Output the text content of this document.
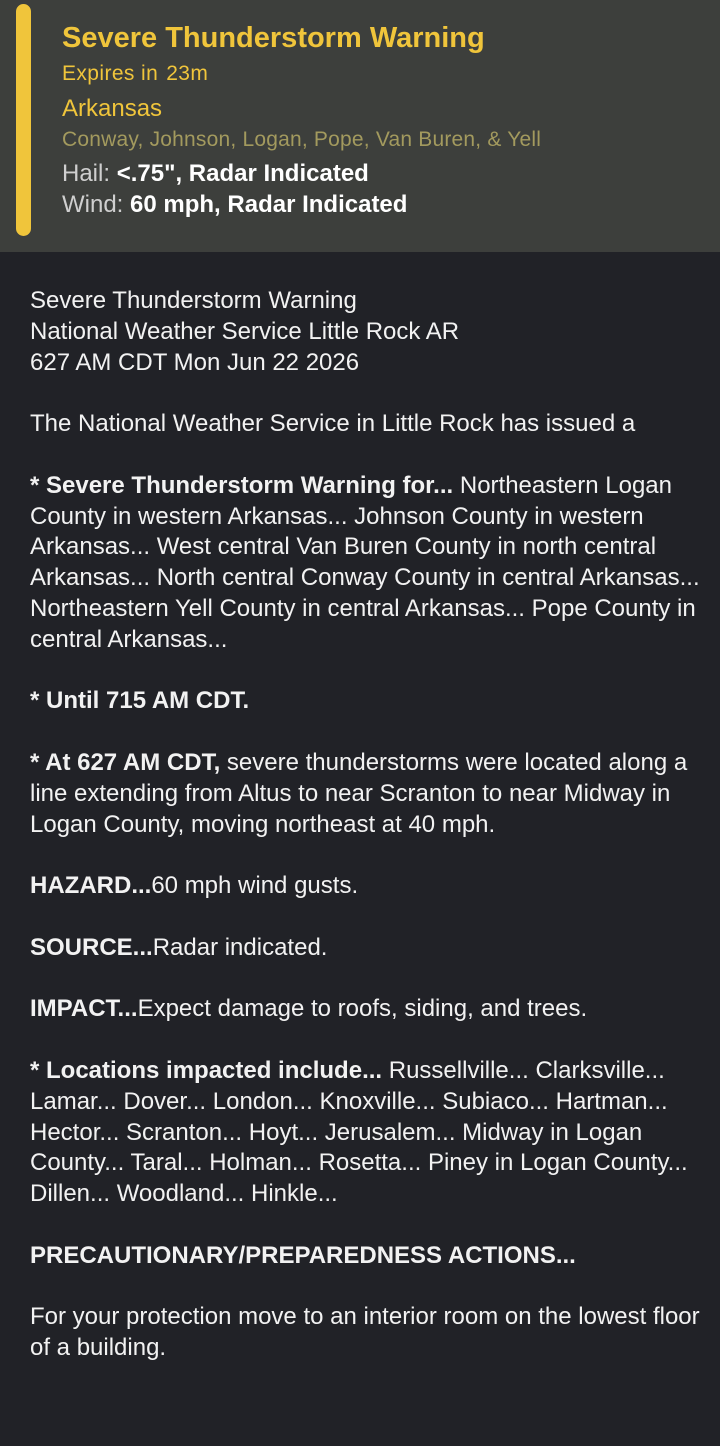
Severe Thunderstorm Warning
Expires in 23m
Arkansas
Conway, Johnson, Logan, Pope, Van Buren, & Yell
Hail: <.75", Radar Indicated
Wind: 60 mph, Radar Indicated

Severe Thunderstorm Warning

National Weather Service Little Rock AR

627 AM CDT Mon Jun 22 2026

The National Weather Service in Little Rock has issued a

* Severe Thunderstorm Warning for... Northeastern Logan County in western Arkansas... Johnson County in western Arkansas... West central Van Buren County in north central Arkansas... North central Conway County in central Arkansas... Northeastern Yell County in central Arkansas... Pope County in central Arkansas...

* Until 715 AM CDT.

* At 627 AM CDT, severe thunderstorms were located along a line extending from Altus to near Scranton to near Midway in Logan County, moving northeast at 40 mph.

HAZARD...60 mph wind gusts.

SOURCE...Radar indicated.

IMPACT...Expect damage to roofs, siding, and trees.

* Locations impacted include... Russellville... Clarksville... Lamar... Dover... London... Knoxville... Subiaco... Hartman... Hector... Scranton... Hoyt... Jerusalem... Midway in Logan County... Taral... Holman... Rosetta... Piney in Logan County... Dillen... Woodland... Hinkle...

PRECAUTIONARY/PREPAREDNESS ACTIONS...

For your protection move to an interior room on the lowest floor of a building.
